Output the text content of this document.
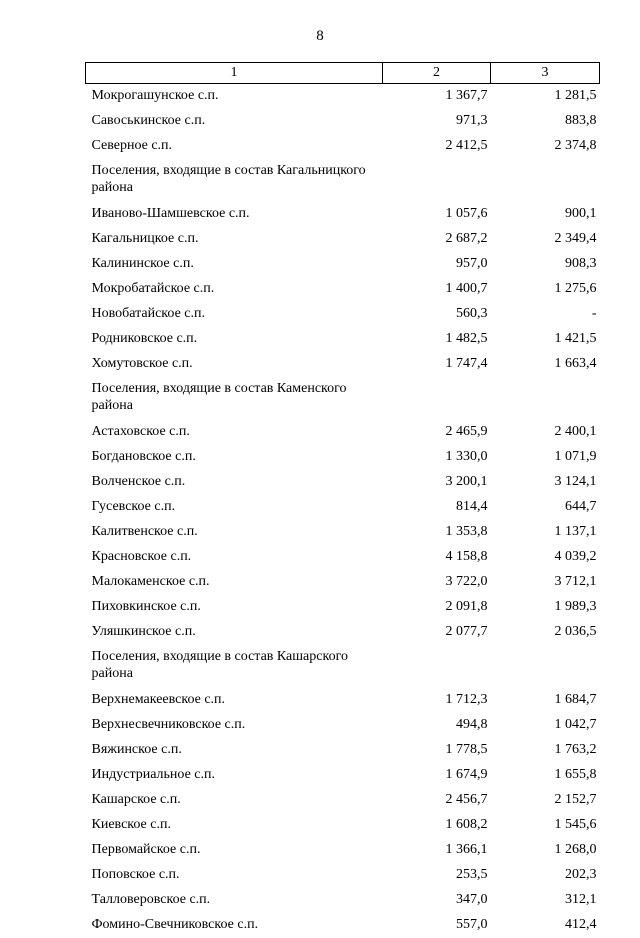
8
1	2	3
Мокрогашунское с.п.	1 367,7	1 281,5
Савоськинское с.п.	971,3	883,8
Северное с.п.	2 412,5	2 374,8
Поселения, входящие в состав Кагальницкого района		
Иваново-Шамшевское с.п.	1 057,6	900,1
Кагальницкое с.п.	2 687,2	2 349,4
Калининское с.п.	957,0	908,3
Мокробатайское с.п.	1 400,7	1 275,6
Новобатайское с.п.	560,3	-
Родниковское с.п.	1 482,5	1 421,5
Хомутовское с.п.	1 747,4	1 663,4
Поселения, входящие в состав Каменского района		
Астаховское с.п.	2 465,9	2 400,1
Богдановское с.п.	1 330,0	1 071,9
Волченское с.п.	3 200,1	3 124,1
Гусевское с.п.	814,4	644,7
Калитвенское с.п.	1 353,8	1 137,1
Красновское с.п.	4 158,8	4 039,2
Малокаменское с.п.	3 722,0	3 712,1
Пиховкинское с.п.	2 091,8	1 989,3
Уляшкинское с.п.	2 077,7	2 036,5
Поселения, входящие в состав Кашарского района		
Верхнемакеевское с.п.	1 712,3	1 684,7
Верхнесвечниковское с.п.	494,8	1 042,7
Вяжинское с.п.	1 778,5	1 763,2
Индустриальное с.п.	1 674,9	1 655,8
Кашарское с.п.	2 456,7	2 152,7
Киевское с.п.	1 608,2	1 545,6
Первомайское с.п.	1 366,1	1 268,0
Поповское с.п.	253,5	202,3
Талловеровское с.п.	347,0	312,1
Фомино-Свечниковское с.п.	557,0	412,4
